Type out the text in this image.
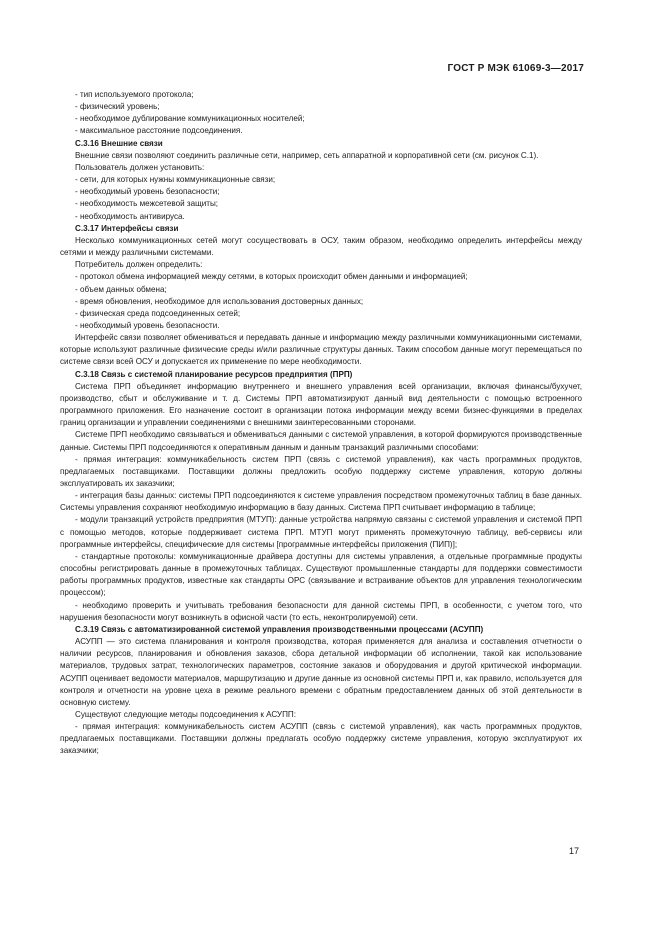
ГОСТ Р МЭК 61069-3—2017

- тип используемого протокола;

- физический уровень;

- необходимое дублирование коммуникационных носителей;

- максимальное расстояние подсоединения.

С.3.16 Внешние связи

Внешние связи позволяют соединить различные сети, например, сеть аппаратной и корпоративной сети (см. рисунок С.1).

Пользователь должен установить:

- сети, для которых нужны коммуникационные связи;

- необходимый уровень безопасности;

- необходимость межсетевой защиты;

- необходимость антивируса.

С.3.17 Интерфейсы связи

Несколько коммуникационных сетей могут сосуществовать в ОСУ, таким образом, необходимо определить интерфейсы между сетями и между различными системами.

Потребитель должен определить:

- протокол обмена информацией между сетями, в которых происходит обмен данными и информацией;

- объем данных обмена;

- время обновления, необходимое для использования достоверных данных;

- физическая среда подсоединенных сетей;

- необходимый уровень безопасности.

Интерфейс связи позволяет обмениваться и передавать данные и информацию между различными коммуникационными системами, которые используют различные физические среды и/или различные структуры данных. Таким способом данные могут перемещаться по системе связи всей ОСУ и допускается их применение по мере необходимости.

С.3.18 Связь с системой планирование ресурсов предприятия (ПРП)

Система ПРП объединяет информацию внутреннего и внешнего управления всей организации, включая финансы/бухучет, производство, сбыт и обслуживание и т. д. Системы ПРП автоматизируют данный вид деятельности с помощью встроенного программного приложения. Его назначение состоит в организации потока информации между всеми бизнес-функциями в пределах границ организации и управлении соединениями с внешними заинтересованными сторонами.

Системе ПРП необходимо связываться и обмениваться данными с системой управления, в которой формируются производственные данные. Системы ПРП подсоединяются к оперативным данным и данным транзакций различными способами:

- прямая интеграция: коммуникабельность систем ПРП (связь с системой управления), как часть программных продуктов, предлагаемых поставщиками. Поставщики должны предложить особую поддержку системе управления, которую должны эксплуатировать их заказчики;

- интеграция базы данных: системы ПРП подсоединяются к системе управления посредством промежуточных таблиц в базе данных. Системы управления сохраняют необходимую информацию в базу данных. Система ПРП считывает информацию в таблице;

- модули транзакций устройств предприятия (МТУП): данные устройства напрямую связаны с системой управления и системой ПРП с помощью методов, которые поддерживает система ПРП. МТУП могут применять промежуточную таблицу, веб-сервисы или программные интерфейсы, специфические для системы [программные интерфейсы приложения (ПИП)];

- стандартные протоколы: коммуникационные драйвера доступны для системы управления, а отдельные программные продукты способны регистрировать данные в промежуточных таблицах. Существуют промышленные стандарты для поддержки совместимости работы программных продуктов, известные как стандарты ОРС (связывание и встраивание объектов для управления технологическим процессом);

- необходимо проверить и учитывать требования безопасности для данной системы ПРП, в особенности, с учетом того, что нарушения безопасности могут возникнуть в офисной части (то есть, неконтролируемой) сети.

С.3.19 Связь с автоматизированной системой управления производственными процессами (АСУПП)

АСУПП — это система планирования и контроля производства, которая применяется для анализа и составления отчетности о наличии ресурсов, планирования и обновления заказов, сбора детальной информации об исполнении, такой как использование материалов, трудовых затрат, технологических параметров, состояние заказов и оборудования и другой критической информации. АСУПП оценивает ведомости материалов, маршрутизацию и другие данные из основной системы ПРП и, как правило, используется для контроля и отчетности на уровне цеха в режиме реального времени с обратным предоставлением данных об этой деятельности в основную систему.

Существуют следующие методы подсоединения к АСУПП:

- прямая интеграция: коммуникабельность систем АСУПП (связь с системой управления), как часть программных продуктов, предлагаемых поставщиками. Поставщики должны предлагать особую поддержку системе управления, которую эксплуатируют их заказчики;

17
